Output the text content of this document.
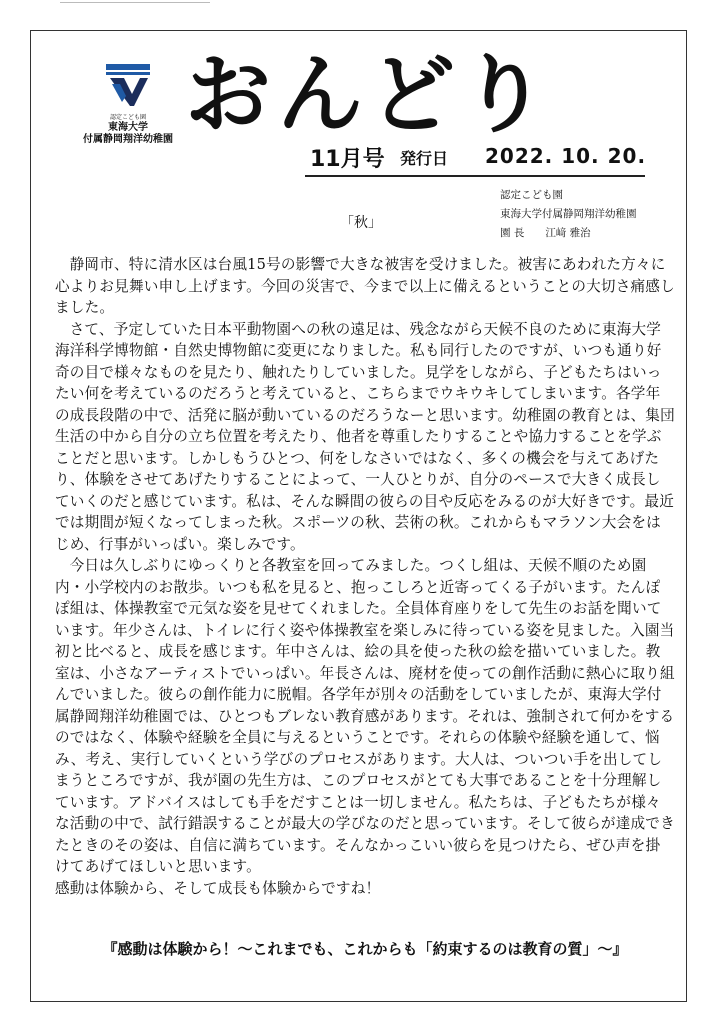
認定こども園
東海大学
付属静岡翔洋幼稚園 おんどり
11月号 発行日 2022. 10. 20.
認定こども園
東海大学付属静岡翔洋幼稚園
園 長　　江﨑 雅治
「秋」

静岡市、特に清水区は台風15号の影響で大きな被害を受けました。被害にあわれた方々に心よりお見舞い申し上げます。今回の災害で、今まで以上に備えるということの大切さ痛感しました。

さて、予定していた日本平動物園への秋の遠足は、残念ながら天候不良のために東海大学海洋科学博物館・自然史博物館に変更になりました。私も同行したのですが、いつも通り好奇の目で様々なものを見たり、触れたりしていました。見学をしながら、子どもたちはいったい何を考えているのだろうと考えていると、こちらまでウキウキしてしまいます。各学年の成長段階の中で、活発に脳が動いているのだろうなーと思います。幼稚園の教育とは、集団生活の中から自分の立ち位置を考えたり、他者を尊重したりすることや協力することを学ぶことだと思います。しかしもうひとつ、何をしなさいではなく、多くの機会を与えてあげたり、体験をさせてあげたりすることによって、一人ひとりが、自分のペースで大きく成長していくのだと感じています。私は、そんな瞬間の彼らの目や反応をみるのが大好きです。最近では期間が短くなってしまった秋。スポーツの秋、芸術の秋。これからもマラソン大会をはじめ、行事がいっぱい。楽しみです。

今日は久しぶりにゆっくりと各教室を回ってみました。つくし組は、天候不順のため園内・小学校内のお散歩。いつも私を見ると、抱っこしろと近寄ってくる子がいます。たんぽぽ組は、体操教室で元気な姿を見せてくれました。全員体育座りをして先生のお話を聞いています。年少さんは、トイレに行く姿や体操教室を楽しみに待っている姿を見ました。入園当初と比べると、成長を感じます。年中さんは、絵の具を使った秋の絵を描いていました。教室は、小さなアーティストでいっぱい。年長さんは、廃材を使っての創作活動に熱心に取り組んでいました。彼らの創作能力に脱帽。各学年が別々の活動をしていましたが、東海大学付属静岡翔洋幼稚園では、ひとつもブレない教育感があります。それは、強制されて何かをするのではなく、体験や経験を全員に与えるということです。それらの体験や経験を通して、悩み、考え、実行していくという学びのプロセスがあります。大人は、ついつい手を出してしまうところですが、我が園の先生方は、このプロセスがとても大事であることを十分理解しています。アドバイスはしても手をだすことは一切しません。私たちは、子どもたちが様々な活動の中で、試行錯誤することが最大の学びなのだと思っています。そして彼らが達成できたときのその姿は、自信に満ちています。そんなかっこいい彼らを見つけたら、ぜひ声を掛けてあげてほしいと思います。

感動は体験から、そして成長も体験からですね！

『感動は体験から！～これまでも、これからも「約束するのは教育の質」～』
